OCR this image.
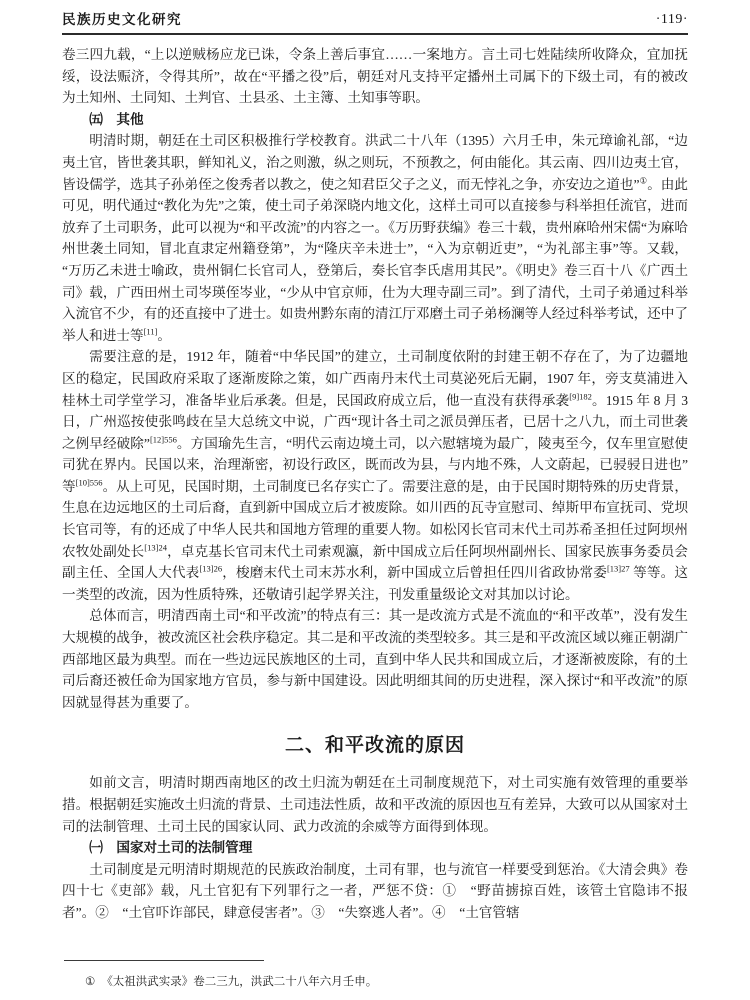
民族历史文化研究	·119·

卷三四九载，“上以逆贼杨应龙已诛，令条上善后事宜……一案地方。言土司七姓陆续所收降众，宜加抚绥，设法赈济，令得其所”，故在“平播之役”后，朝廷对凡支持平定播州土司属下的下级土司，有的被改为土知州、土同知、土判官、土县丞、土主簿、土知事等职。

㈤　其他

明清时期，朝廷在土司区积极推行学校教育。洪武二十八年（1395）六月壬申，朱元璋谕礼部，“边夷土官，皆世袭其职，鲜知礼义，治之则激，纵之则玩，不预教之，何由能化。其云南、四川边夷土官，皆设儒学，选其子孙弟侄之俊秀者以教之，使之知君臣父子之义，而无悖礼之争，亦安边之道也”①。由此可见，明代通过“教化为先”之策，使土司子弟深晓内地文化，这样土司可以直接参与科举担任流官，进而放弃了土司职务，此可以视为“和平改流”的内容之一。《万历野获编》卷三十载，贵州麻哈州宋儒“为麻哈州世袭土同知，冒北直隶定州籍登第”，为“隆庆辛未进士”，“入为京朝近吏”，“为礼部主事”等。又载，“万历乙未进士喻政，贵州铜仁长官司人，登第后，奏长官李氏虐用其民”。《明史》卷三百十八《广西土司》载，广西田州土司岑瑛侄岑业，“少从中官京师，仕为大理寺副三司”。到了清代，土司子弟通过科举入流官不少，有的还直接中了进士。如贵州黔东南的清江厅邓磨土司子弟杨澜等人经过科举考试，还中了举人和进士等[11]。

需要注意的是，1912 年，随着“中华民国”的建立，土司制度依附的封建王朝不存在了，为了边疆地区的稳定，民国政府采取了逐渐废除之策，如广西南丹末代土司莫泌死后无嗣，1907 年，旁支莫浦进入桂林土司学堂学习，准备毕业后承袭。但是，民国政府成立后，他一直没有获得承袭$^{[9]182}$。1915 年 8 月 3 日，广州巡按使张鸣歧在呈大总统文中说，广西“现计各土司之派员弹压者，已居十之八九，而土司世袭之例早经破除”$^{[12]556}$。方国瑜先生言，“明代云南边境土司，以六慰辖境为最广，陵夷至今，仅车里宣慰使司犹在界内。民国以来，治理渐密，初设行政区，既而改为县，与内地不殊，人文蔚起，已骎骎日进也”等$^{[10]556}$。从上可见，民国时期，土司制度已名存实亡了。需要注意的是，由于民国时期特殊的历史背景，生息在边远地区的土司后裔，直到新中国成立后才被废除。如川西的瓦寺宣慰司、绰斯甲布宣抚司、党坝长官司等，有的还成了中华人民共和国地方管理的重要人物。如松冈长官司末代土司苏希圣担任过阿坝州农牧处副处长$^{[13]24}$，卓克基长官司末代土司索观瀛，新中国成立后任阿坝州副州长、国家民族事务委员会副主任、全国人大代表$^{[13]26}$，梭磨末代土司末苏水利，新中国成立后曾担任四川省政协常委$^{[13]27}$ 等等。这一类型的改流，因为性质特殊，还敬请引起学界关注，刊发重量级论文对其加以讨论。

总体而言，明清西南土司“和平改流”的特点有三：其一是改流方式是不流血的“和平改革”，没有发生大规模的战争，被改流区社会秩序稳定。其二是和平改流的类型较多。其三是和平改流区域以雍正朝湖广西部地区最为典型。而在一些边远民族地区的土司，直到中华人民共和国成立后，才逐渐被废除，有的土司后裔还被任命为国家地方官员，参与新中国建设。因此明细其间的历史进程，深入探讨“和平改流”的原因就显得甚为重要了。

二、和平改流的原因

如前文言，明清时期西南地区的改土归流为朝廷在土司制度规范下，对土司实施有效管理的重要举措。根据朝廷实施改土归流的背景、土司违法性质，故和平改流的原因也互有差异，大致可以从国家对土司的法制管理、土司土民的国家认同、武力改流的余威等方面得到体现。

㈠　国家对土司的法制管理

土司制度是元明清时期规范的民族政治制度，土司有罪，也与流官一样要受到惩治。《大清会典》卷四十七《吏部》载，凡土官犯有下列罪行之一者，严惩不贷：①　“野苗掳掠百姓，该管土官隐讳不报者”。②　“土官吓诈部民，肆意侵害者”。③　“失察逃人者”。④　“土官管辖

① 《太祖洪武实录》卷二三九，洪武二十八年六月壬申。
